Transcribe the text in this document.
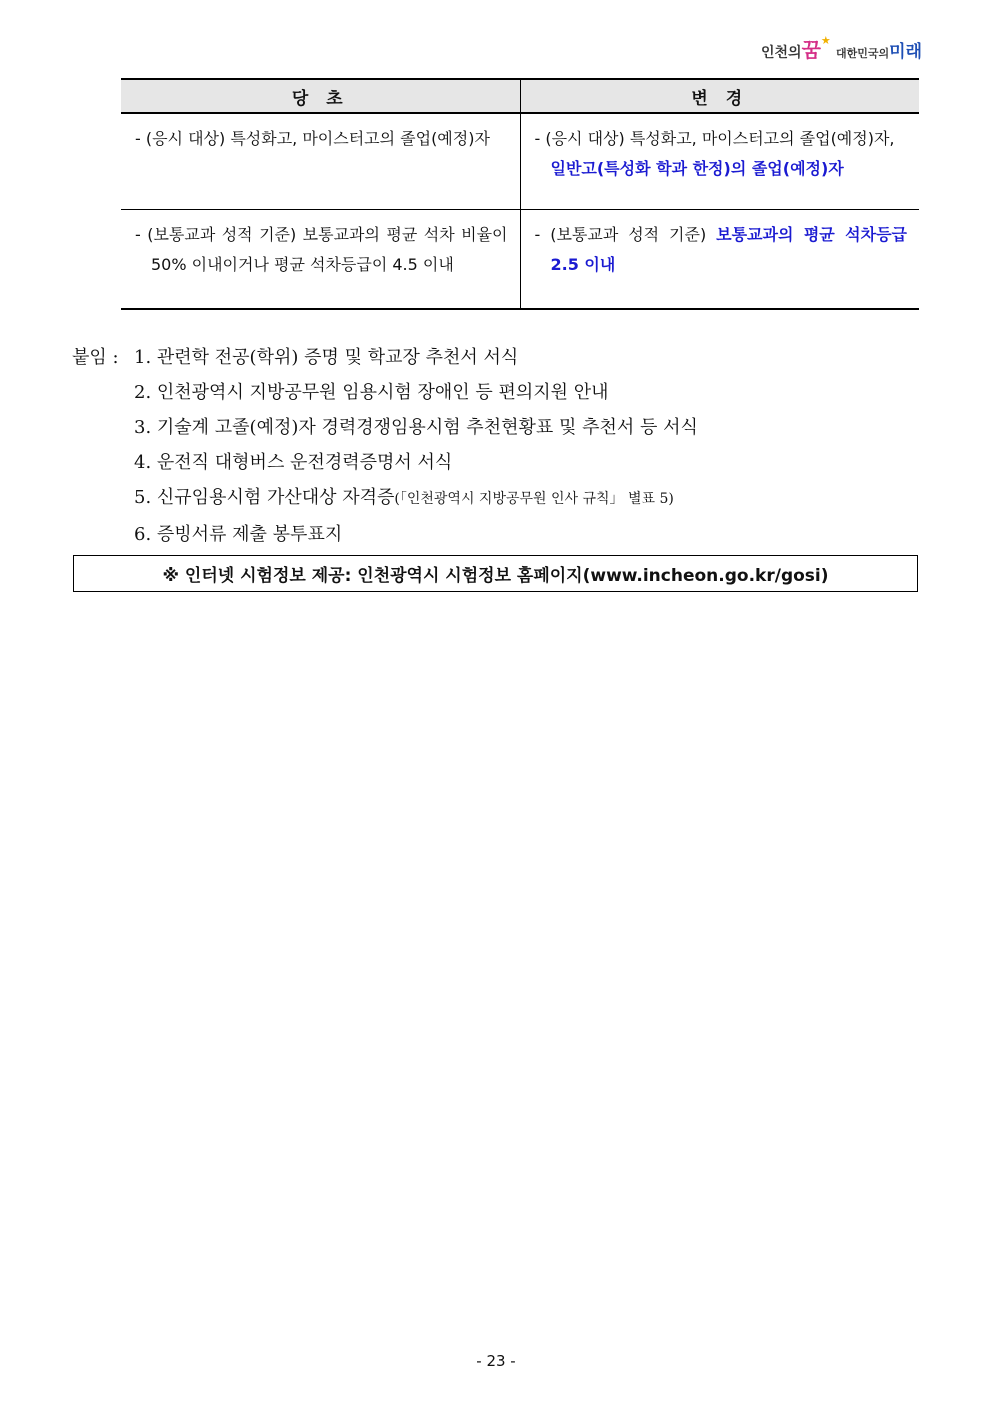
인천의꿈★ 대한민국의미래
당 초	변 경

- (응시 대상) 특성화고, 마이스터고의 졸업(예정)자	- (응시 대상) 특성화고, 마이스터고의 졸업(예정)자,
일반고(특성화 학과 한정)의 졸업(예정)자

- (보통교과 성적 기준) 보통교과의 평균 석차 비율이 50% 이내이거나 평균 석차등급이 4.5 이내	- (보통교과 성적 기준) 보통교과의 평균 석차등급 2.5 이내
붙임 : 1. 관련학 전공(학위) 증명 및 학교장 추천서 서식
2. 인천광역시 지방공무원 임용시험 장애인 등 편의지원 안내
3. 기술계 고졸(예정)자 경력경쟁임용시험 추천현황표 및 추천서 등 서식
4. 운전직 대형버스 운전경력증명서 서식
5. 신규임용시험 가산대상 자격증(「인천광역시 지방공무원 인사 규칙」 별표 5)
6. 증빙서류 제출 봉투표지
※ 인터넷 시험정보 제공: 인천광역시 시험정보 홈페이지(www.incheon.go.kr/gosi)
- 23 -
